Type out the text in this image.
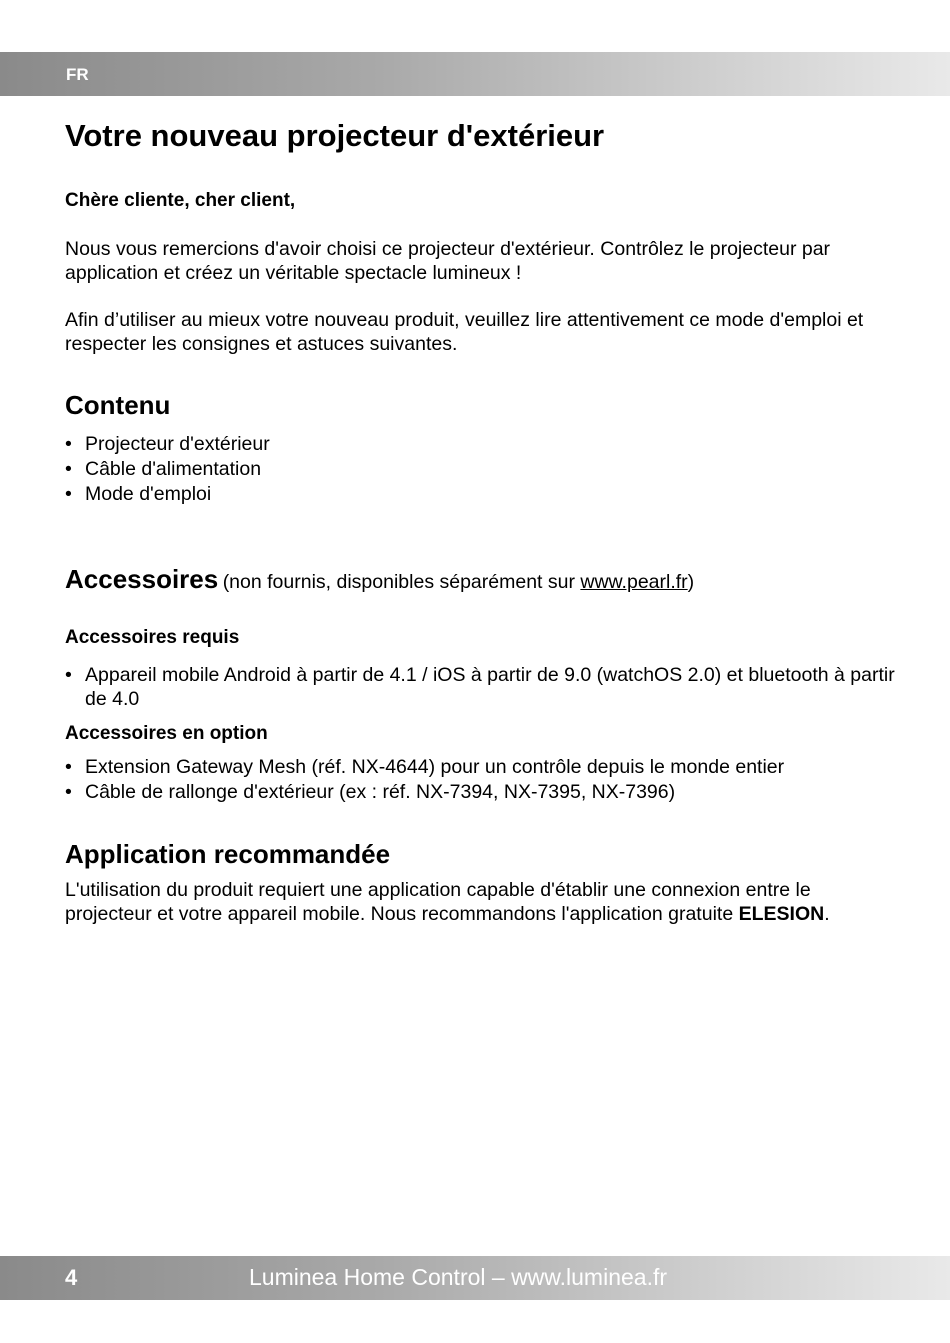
FR
Votre nouveau projecteur d'extérieur
Chère cliente, cher client,

Nous vous remercions d'avoir choisi ce projecteur d'extérieur. Contrôlez le projecteur par application et créez un véritable spectacle lumineux !

Afin d’utiliser au mieux votre nouveau produit, veuillez lire attentivement ce mode d'emploi et respecter les consignes et astuces suivantes.

Contenu
• Projecteur d'extérieur
• Câble d'alimentation
• Mode d'emploi
Accessoires (non fournis, disponibles séparément sur www.pearl.fr)
Accessoires requis
• Appareil mobile Android à partir de 4.1 / iOS à partir de 9.0 (watchOS 2.0) et bluetooth à partir de 4.0
Accessoires en option
• Extension Gateway Mesh (réf. NX-4644) pour un contrôle depuis le monde entier
• Câble de rallonge d'extérieur (ex : réf. NX-7394, NX-7395, NX-7396)
Application recommandée

L'utilisation du produit requiert une application capable d'établir une connexion entre le projecteur et votre appareil mobile. Nous recommandons l'application gratuite ELESION.

4	Luminea Home Control – www.luminea.fr
